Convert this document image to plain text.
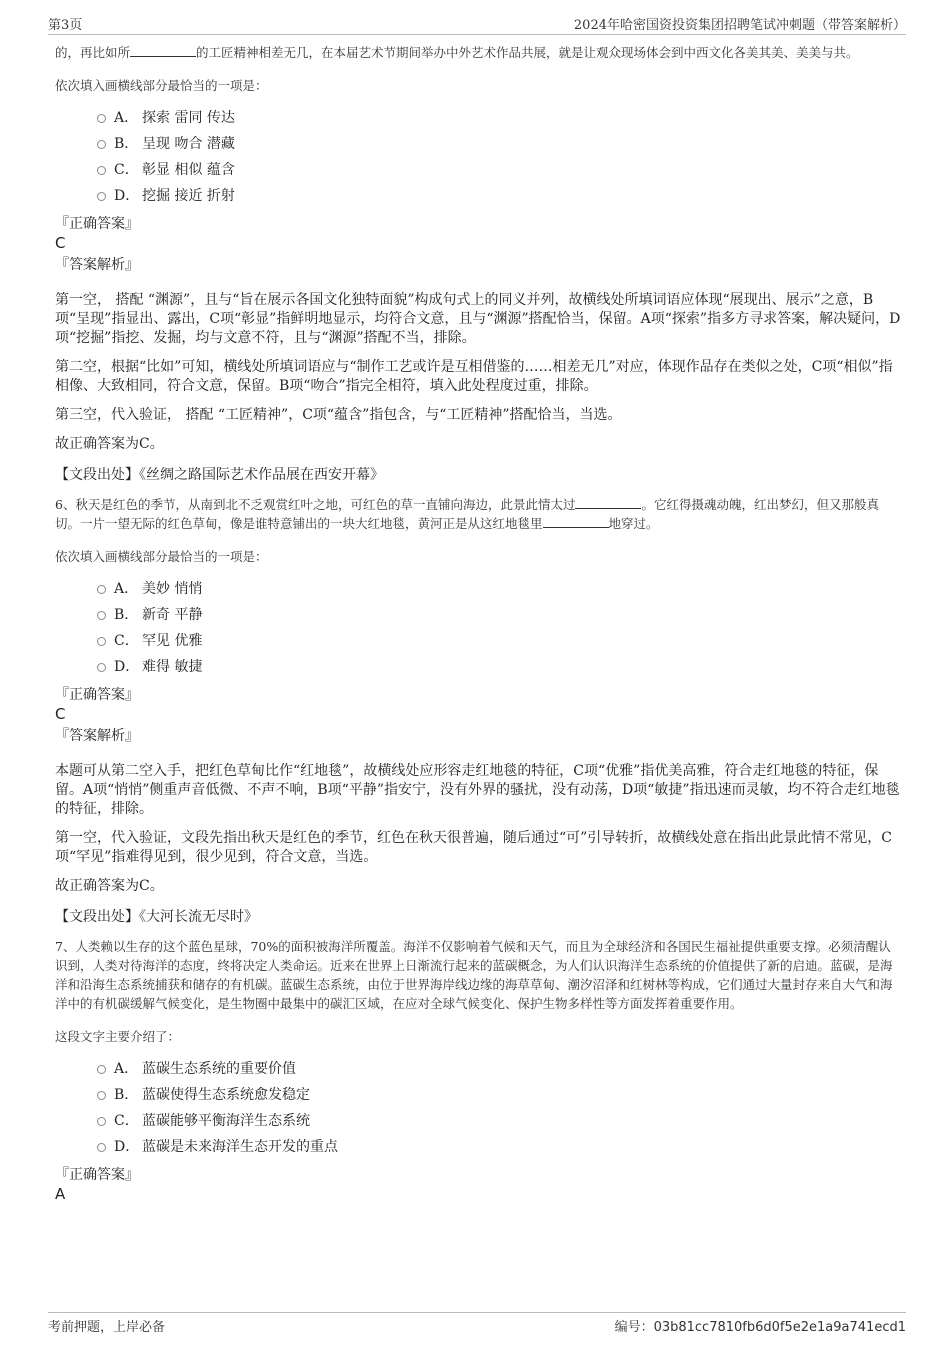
第3页	2024年哈密国资投资集团招聘笔试冲刺题（带答案解析）

的，再比如所	的工匠精神相差无几，在本届艺术节期间举办中外艺术作品共展，就是让观众现场体会到中西文化各美其美、美美与共。

依次填入画横线部分最恰当的一项是：

A． 探索 雷同 传达
B． 呈现 吻合 潜藏
C． 彰显 相似 蕴含
D． 挖掘 接近 折射

『正确答案』

C

『答案解析』

第一空， 搭配 “渊源”，且与“旨在展示各国文化独特面貌”构成句式上的同义并列，故横线处所填词语应体现“展现出、展示”之意，B项“呈现”指显出、露出，C项“彰显”指鲜明地显示，均符合文意，且与“渊源”搭配恰当，保留。A项“探索”指多方寻求答案，解决疑问，D项“挖掘”指挖、发掘，均与文意不符，且与“渊源”搭配不当，排除。

第二空，根据“比如”可知，横线处所填词语应与“制作工艺或许是互相借鉴的……相差无几”对应，体现作品存在类似之处，C项“相似”指相像、大致相同，符合文意，保留。B项“吻合”指完全相符，填入此处程度过重，排除。

第三空，代入验证， 搭配 “工匠精神”，C项“蕴含”指包含，与“工匠精神”搭配恰当，当选。

故正确答案为C。

【文段出处】《丝绸之路国际艺术作品展在西安开幕》

6、秋天是红色的季节，从南到北不乏观赏红叶之地，可红色的草一直铺向海边，此景此情太过	。它红得摄魂动魄，红出梦幻，但又那般真切。一片一望无际的红色草甸，像是谁特意铺出的一块大红地毯，黄河正是从这红地毯里	地穿过。

依次填入画横线部分最恰当的一项是：

A． 美妙 悄悄
B． 新奇 平静
C． 罕见 优雅
D． 难得 敏捷

『正确答案』

C

『答案解析』

本题可从第二空入手，把红色草甸比作“红地毯”，故横线处应形容走红地毯的特征，C项“优雅”指优美高雅，符合走红地毯的特征，保留。A项“悄悄”侧重声音低微、不声不响，B项“平静”指安宁，没有外界的骚扰，没有动荡，D项“敏捷”指迅速而灵敏，均不符合走红地毯的特征，排除。

第一空，代入验证，文段先指出秋天是红色的季节，红色在秋天很普遍，随后通过“可”引导转折，故横线处意在指出此景此情不常见，C项“罕见”指难得见到，很少见到，符合文意，当选。

故正确答案为C。

【文段出处】《大河长流无尽时》

7、人类赖以生存的这个蓝色星球，70%的面积被海洋所覆盖。海洋不仅影响着气候和天气，而且为全球经济和各国民生福祉提供重要支撑。必须清醒认识到，人类对待海洋的态度，终将决定人类命运。近来在世界上日渐流行起来的蓝碳概念，为人们认识海洋生态系统的价值提供了新的启迪。蓝碳，是海洋和沿海生态系统捕获和储存的有机碳。蓝碳生态系统，由位于世界海岸线边缘的海草草甸、潮汐沼泽和红树林等构成，它们通过大量封存来自大气和海洋中的有机碳缓解气候变化，是生物圈中最集中的碳汇区域，在应对全球气候变化、保护生物多样性等方面发挥着重要作用。

这段文字主要介绍了：

A． 蓝碳生态系统的重要价值
B． 蓝碳使得生态系统愈发稳定
C． 蓝碳能够平衡海洋生态系统
D． 蓝碳是未来海洋生态开发的重点

『正确答案』

A

考前押题，上岸必备	编号：03b81cc7810fb6d0f5e2e1a9a741ecd1
